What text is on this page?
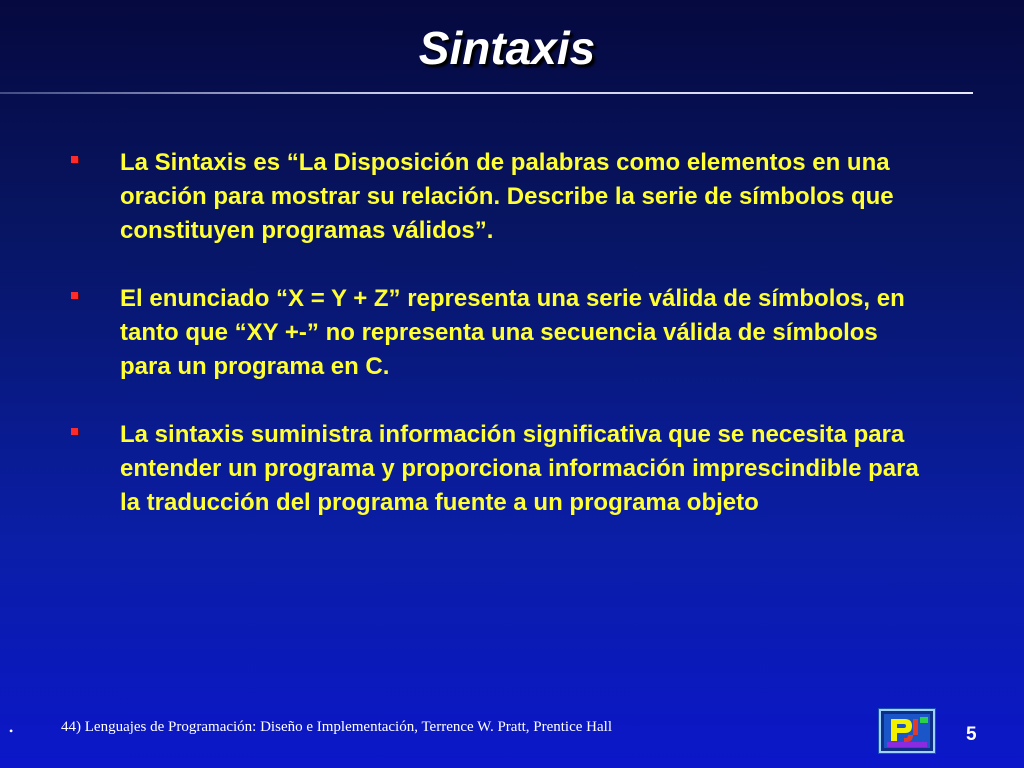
Sintaxis
La Sintaxis es “La Disposición de palabras como elementos en una oración para mostrar su relación. Describe la serie de símbolos que constituyen programas válidos”.
El enunciado “X = Y + Z” representa una serie válida de símbolos, en tanto que “XY +-” no representa una secuencia válida de símbolos para un programa en C.
La sintaxis suministra información significativa que se necesita para entender un programa y proporciona información imprescindible para la traducción del programa fuente a un programa objeto
•	44) Lenguajes de Programación: Diseño e Implementación, Terrence W. Pratt, Prentice Hall	5
